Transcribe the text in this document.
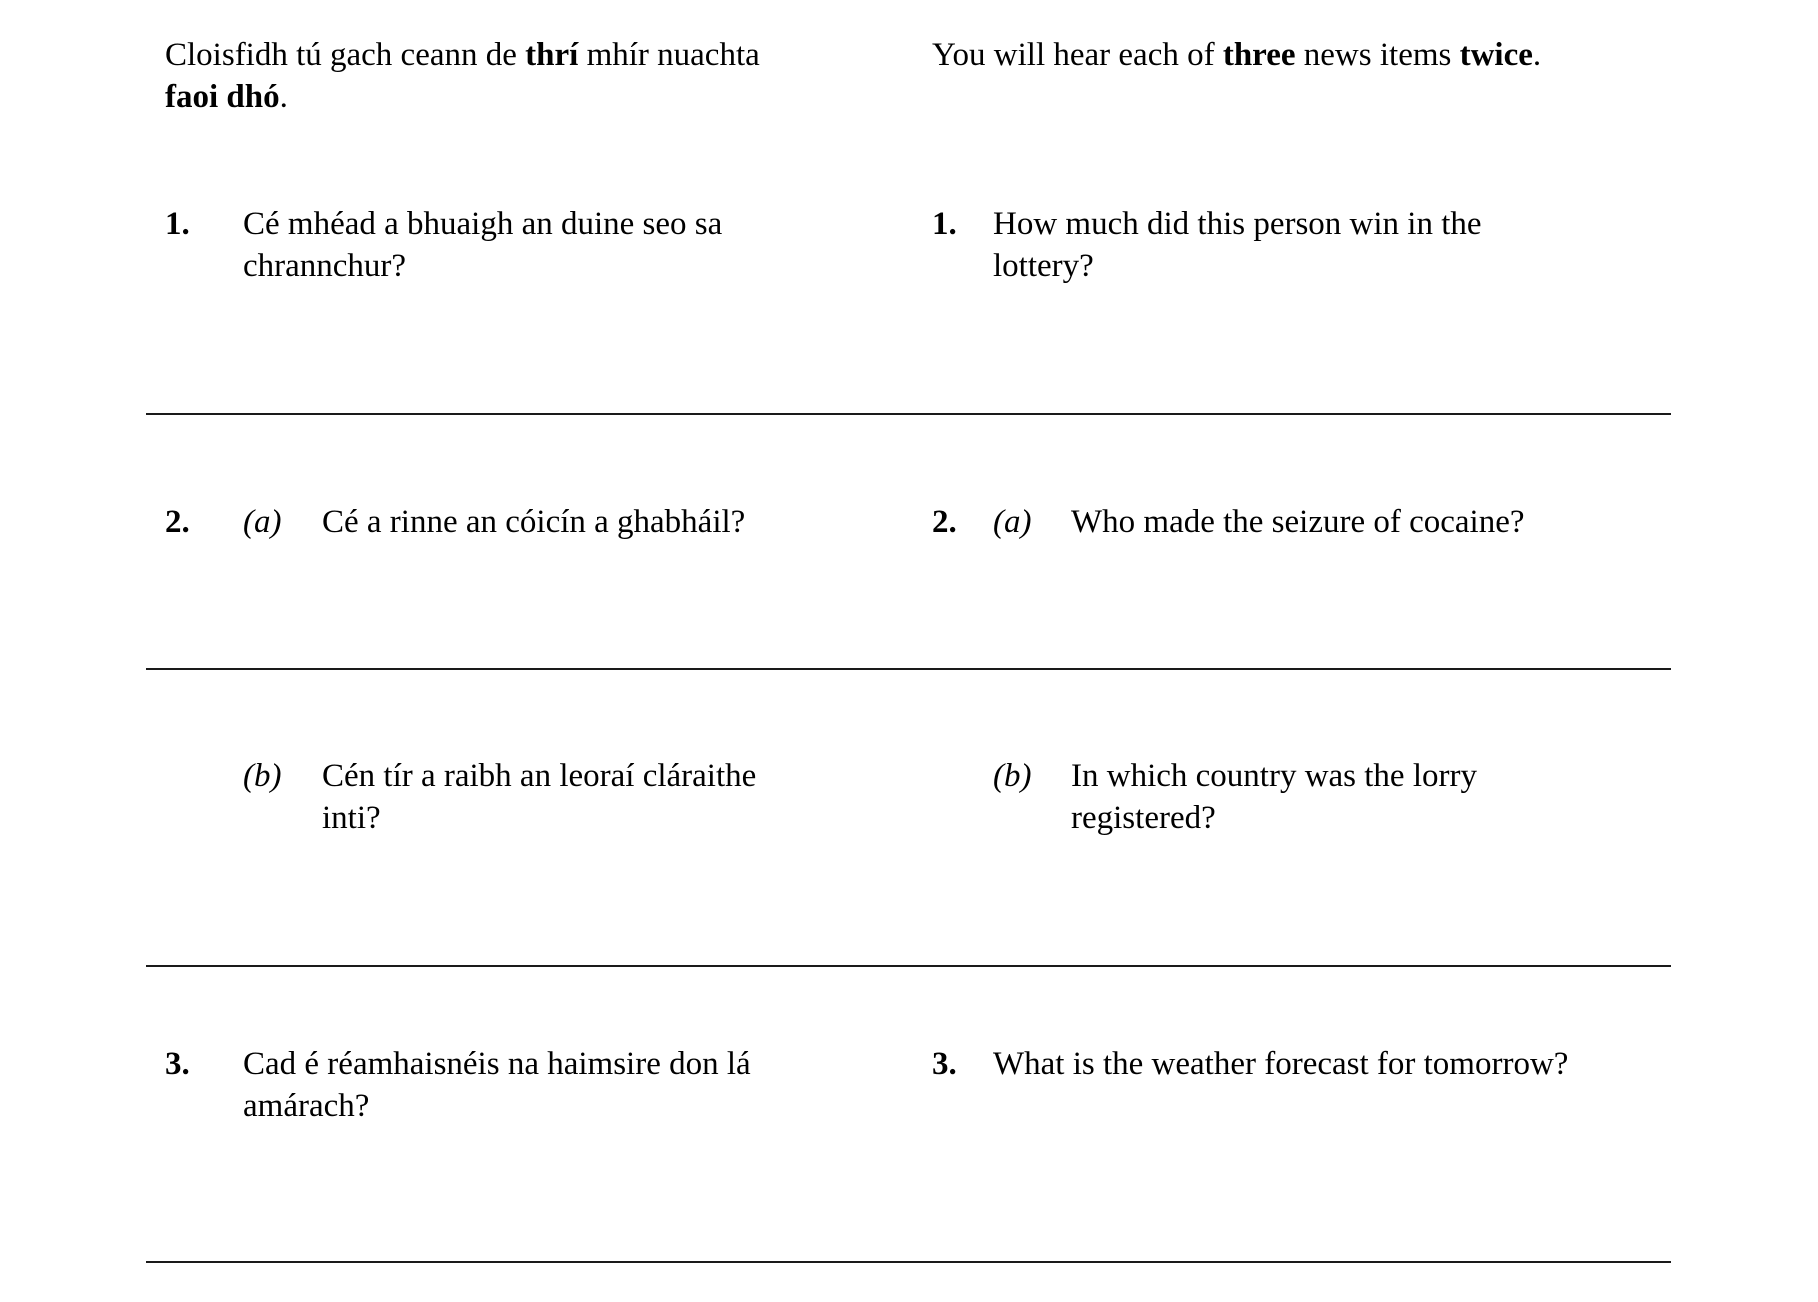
Cloisfidh tú gach ceann de thrí mhír nuachta
faoi dhó.
You will hear each of three news items twice.
1. Cé mhéad a bhuaigh an duine seo sa
chrannchur?
1. How much did this person win in the
lottery?
2. (a) Cé a rinne an cóicín a ghabháil?	2. (a) Who made the seizure of cocaine?
(b) Cén tír a raibh an leoraí cláraithe
inti?
(b) In which country was the lorry
registered?
3. Cad é réamhaisnéis na haimsire don lá
amárach?
3. What is the weather forecast for tomorrow?
